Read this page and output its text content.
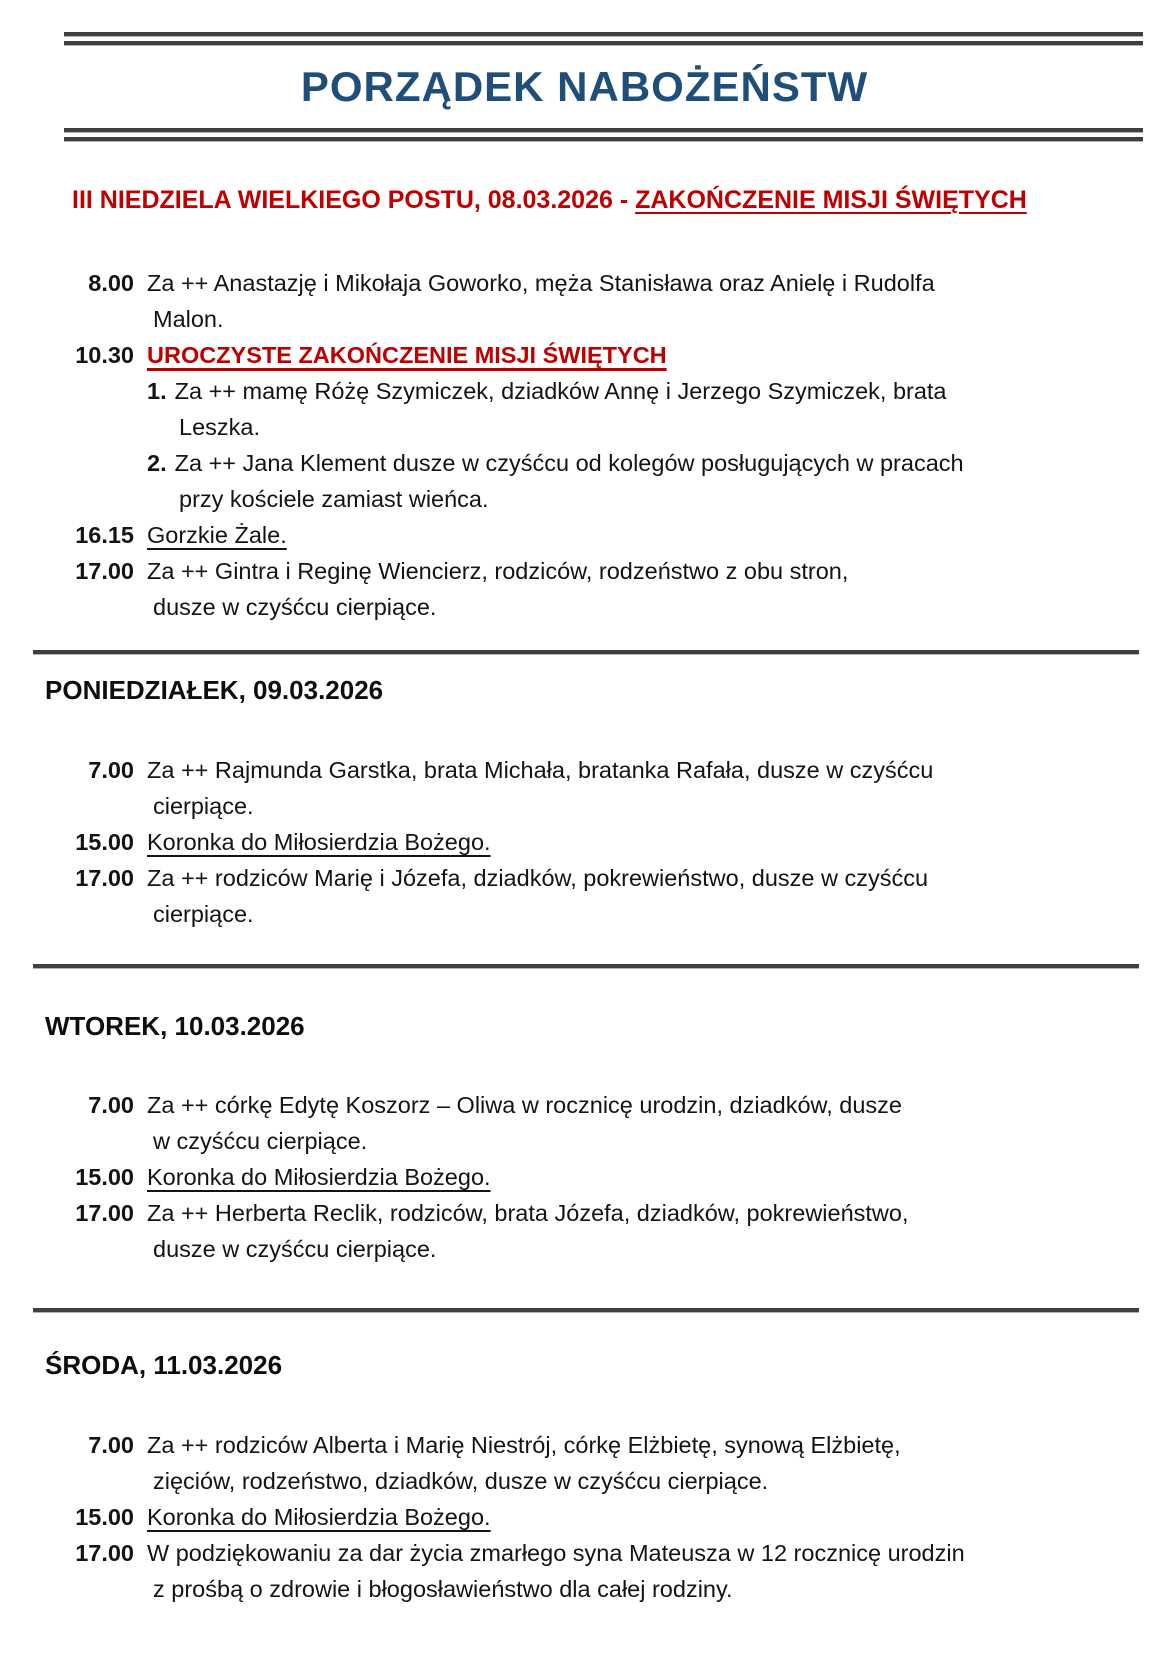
PORZĄDEK NABOŻEŃSTW
III NIEDZIELA WIELKIEGO POSTU, 08.03.2026 - ZAKOŃCZENIE MISJI ŚWIĘTYCH
8.00 Za ++ Anastazję i Mikołaja Goworko, męża Stanisława oraz Anielę i Rudolfa
Malon.
10.30 UROCZYSTE ZAKOŃCZENIE MISJI ŚWIĘTYCH
1. Za ++ mamę Różę Szymiczek, dziadków Annę i Jerzego Szymiczek, brata
Leszka.
2. Za ++ Jana Klement dusze w czyśćcu od kolegów posługujących w pracach
przy kościele zamiast wieńca.
16.15 Gorzkie Żale.
17.00 Za ++ Gintra i Reginę Wiencierz, rodziców, rodzeństwo z obu stron,
dusze w czyśćcu cierpiące.
PONIEDZIAŁEK, 09.03.2026
7.00 Za ++ Rajmunda Garstka, brata Michała, bratanka Rafała, dusze w czyśćcu
cierpiące.
15.00 Koronka do Miłosierdzia Bożego.
17.00 Za ++ rodziców Marię i Józefa, dziadków, pokrewieństwo, dusze w czyśćcu
cierpiące.
WTOREK, 10.03.2026
7.00 Za ++ córkę Edytę Koszorz – Oliwa w rocznicę urodzin, dziadków, dusze
w czyśćcu cierpiące.
15.00 Koronka do Miłosierdzia Bożego.
17.00 Za ++ Herberta Reclik, rodziców, brata Józefa, dziadków, pokrewieństwo,
dusze w czyśćcu cierpiące.
ŚRODA, 11.03.2026
7.00 Za ++ rodziców Alberta i Marię Niestrój, córkę Elżbietę, synową Elżbietę,
zięciów, rodzeństwo, dziadków, dusze w czyśćcu cierpiące.
15.00 Koronka do Miłosierdzia Bożego.
17.00 W podziękowaniu za dar życia zmarłego syna Mateusza w 12 rocznicę urodzin
z prośbą o zdrowie i błogosławieństwo dla całej rodziny.
